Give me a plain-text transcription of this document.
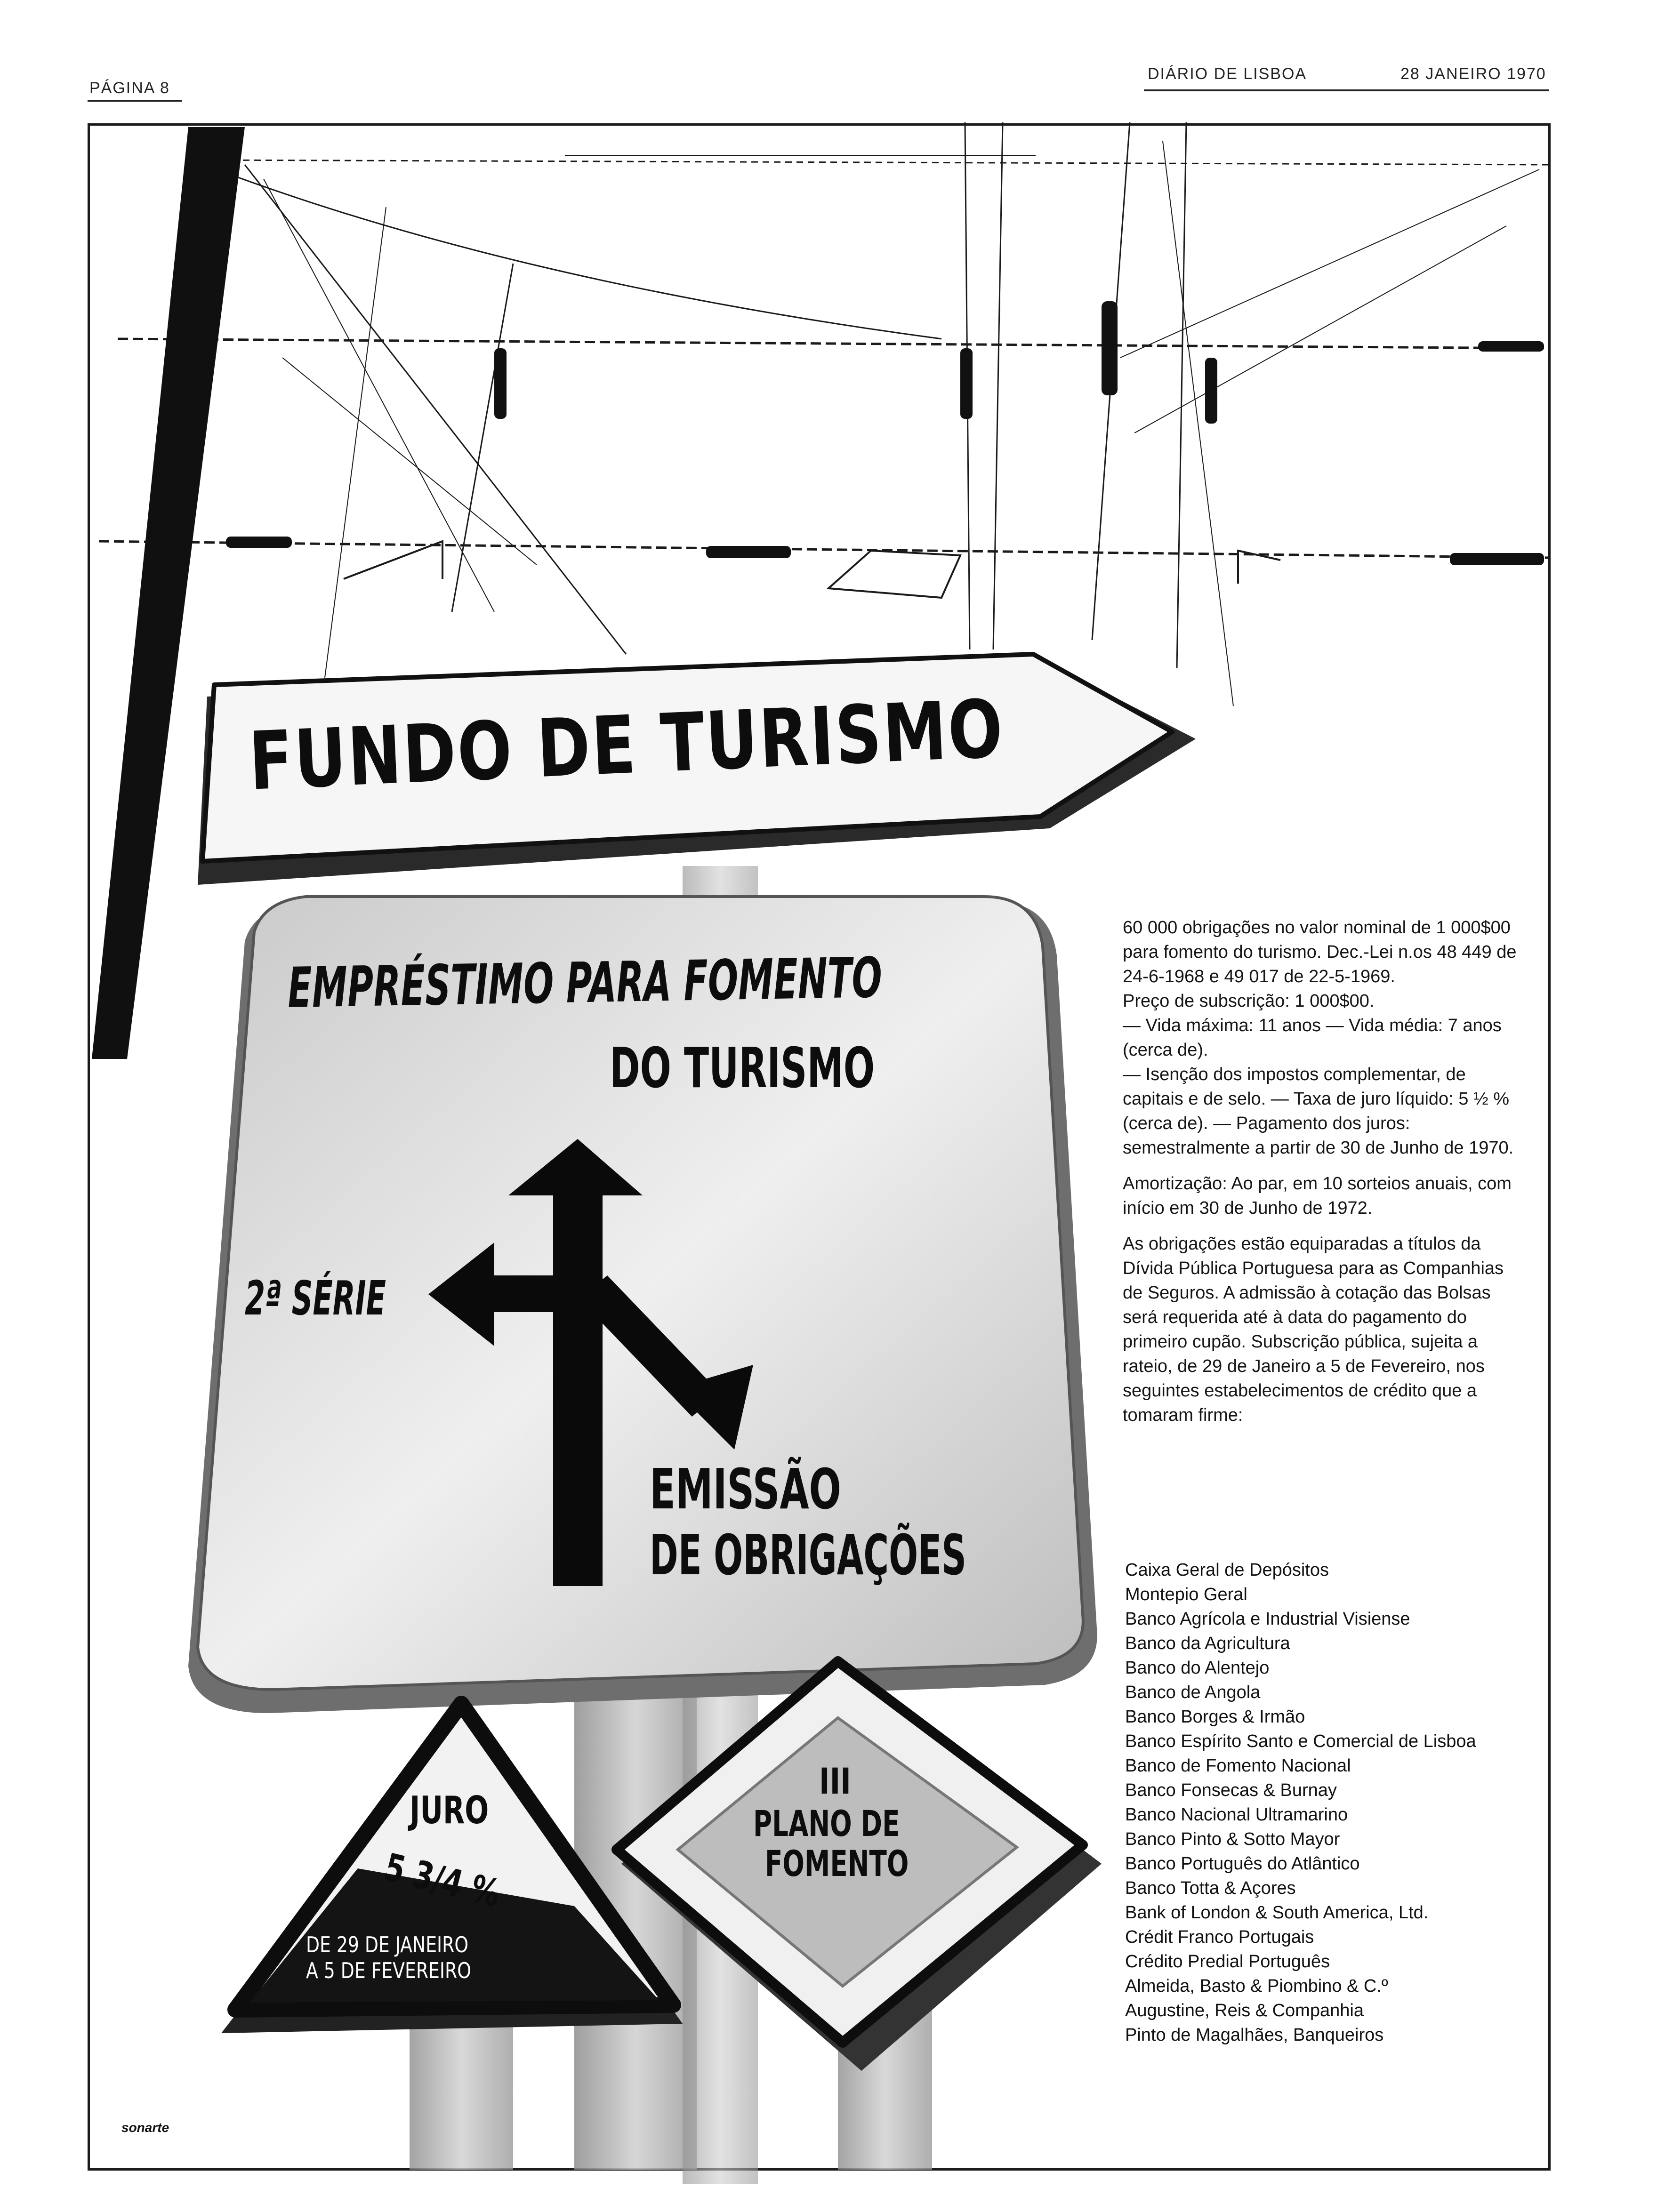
PÁGINA 8
DIÁRIO DE LISBOA	28 JANEIRO 1970
FUNDO DE TURISMO
EMPRÉSTIMO PARA FOMENTO
DO TURISMO
2ª SÉRIE
EMISSÃO
DE OBRIGAÇÕES
JURO
5 3/4 %
DE 29 DE JANEIRO
A 5 DE FEVEREIRO
III
PLANO DE
FOMENTO

60 000 obrigações no valor nominal de 1 000$00 para fomento do turismo. Dec.-Lei n.os 48 449 de 24-6-1968 e 49 017 de 22-5-1969.

Preço de subscrição: 1 000$00.

— Vida máxima: 11 anos — Vida média: 7 anos (cerca de).

— Isenção dos impostos complementar, de capitais e de selo. — Taxa de juro líquido: 5 ½ % (cerca de). — Pagamento dos juros: semestralmente a partir de 30 de Junho de 1970.

Amortização: Ao par, em 10 sorteios anuais, com início em 30 de Junho de 1972.

As obrigações estão equiparadas a títulos da Dívida Pública Portuguesa para as Companhias de Seguros. A admissão à cotação das Bolsas será requerida até à data do pagamento do primeiro cupão. Subscrição pública, sujeita a rateio, de 29 de Janeiro a 5 de Fevereiro, nos seguintes estabelecimentos de crédito que a tomaram firme:

Caixa Geral de Depósitos
Montepio Geral
Banco Agrícola e Industrial Visiense
Banco da Agricultura
Banco do Alentejo
Banco de Angola
Banco Borges & Irmão
Banco Espírito Santo e Comercial de Lisboa
Banco de Fomento Nacional
Banco Fonsecas & Burnay
Banco Nacional Ultramarino
Banco Pinto & Sotto Mayor
Banco Português do Atlântico
Banco Totta & Açores
Bank of London & South America, Ltd.
Crédit Franco Portugais
Crédito Predial Português
Almeida, Basto & Piombino & C.º
Augustine, Reis & Companhia
Pinto de Magalhães, Banqueiros
sonarte
